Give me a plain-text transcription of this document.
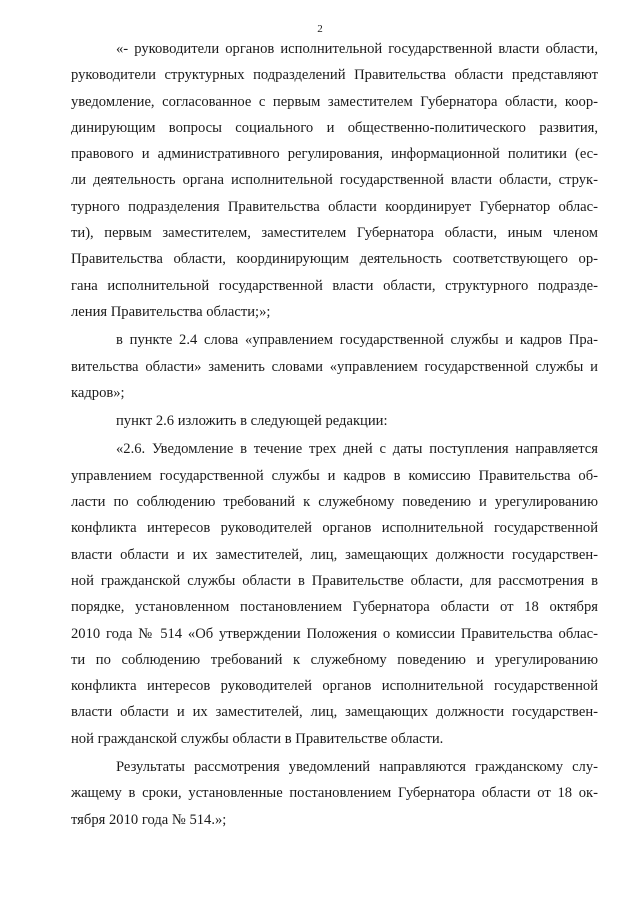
2
«- руководители органов исполнительной государственной власти области,
руководители структурных подразделений Правительства области представляют
уведомление, согласованное с первым заместителем Губернатора области, коор-
динирующим вопросы социального и общественно-политического развития,
правового и административного регулирования, информационной политики (ес-
ли деятельность органа исполнительной государственной власти области, струк-
турного подразделения Правительства области координирует Губернатор облас-
ти), первым заместителем, заместителем Губернатора области, иным членом
Правительства области, координирующим деятельность соответствующего ор-
гана исполнительной государственной власти области, структурного подразде-
ления Правительства области;»;
в пункте 2.4 слова «управлением государственной службы и кадров Пра-
вительства области» заменить словами «управлением государственной службы и
кадров»;
пункт 2.6 изложить в следующей редакции:
«2.6. Уведомление в течение трех дней с даты поступления направляется
управлением государственной службы и кадров в комиссию Правительства об-
ласти по соблюдению требований к служебному поведению и урегулированию
конфликта интересов руководителей органов исполнительной государственной
власти области и их заместителей, лиц, замещающих должности государствен-
ной гражданской службы области в Правительстве области, для рассмотрения в
порядке, установленном постановлением Губернатора области от 18 октября
2010 года № 514 «Об утверждении Положения о комиссии Правительства облас-
ти по соблюдению требований к служебному поведению и урегулированию
конфликта интересов руководителей органов исполнительной государственной
власти области и их заместителей, лиц, замещающих должности государствен-
ной гражданской службы области в Правительстве области.
Результаты рассмотрения уведомлений направляются гражданскому слу-
жащему в сроки, установленные постановлением Губернатора области от 18 ок-
тября 2010 года № 514.»;
